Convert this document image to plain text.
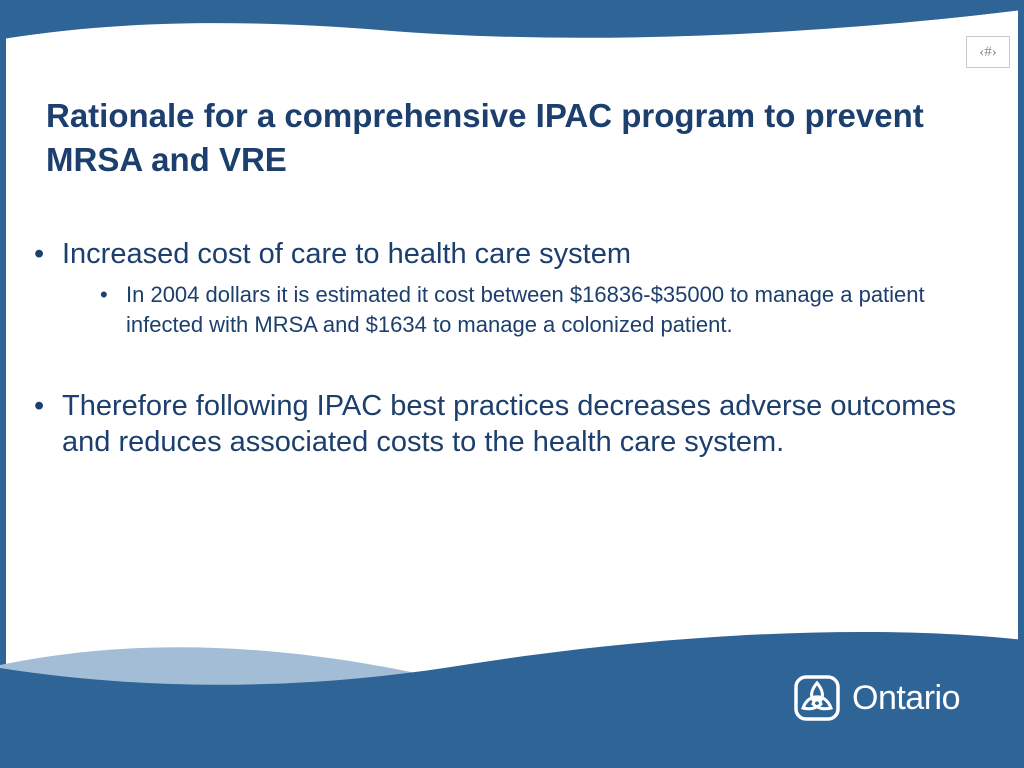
‹#›
Rationale for a comprehensive IPAC program to prevent MRSA and VRE
• Increased cost of care to health care system
• In 2004 dollars it is estimated it cost between $16836-$35000 to manage a patient infected with MRSA and $1634 to manage a colonized patient.
• Therefore following IPAC best practices decreases adverse outcomes and reduces associated costs to the health care system.
Ontario
